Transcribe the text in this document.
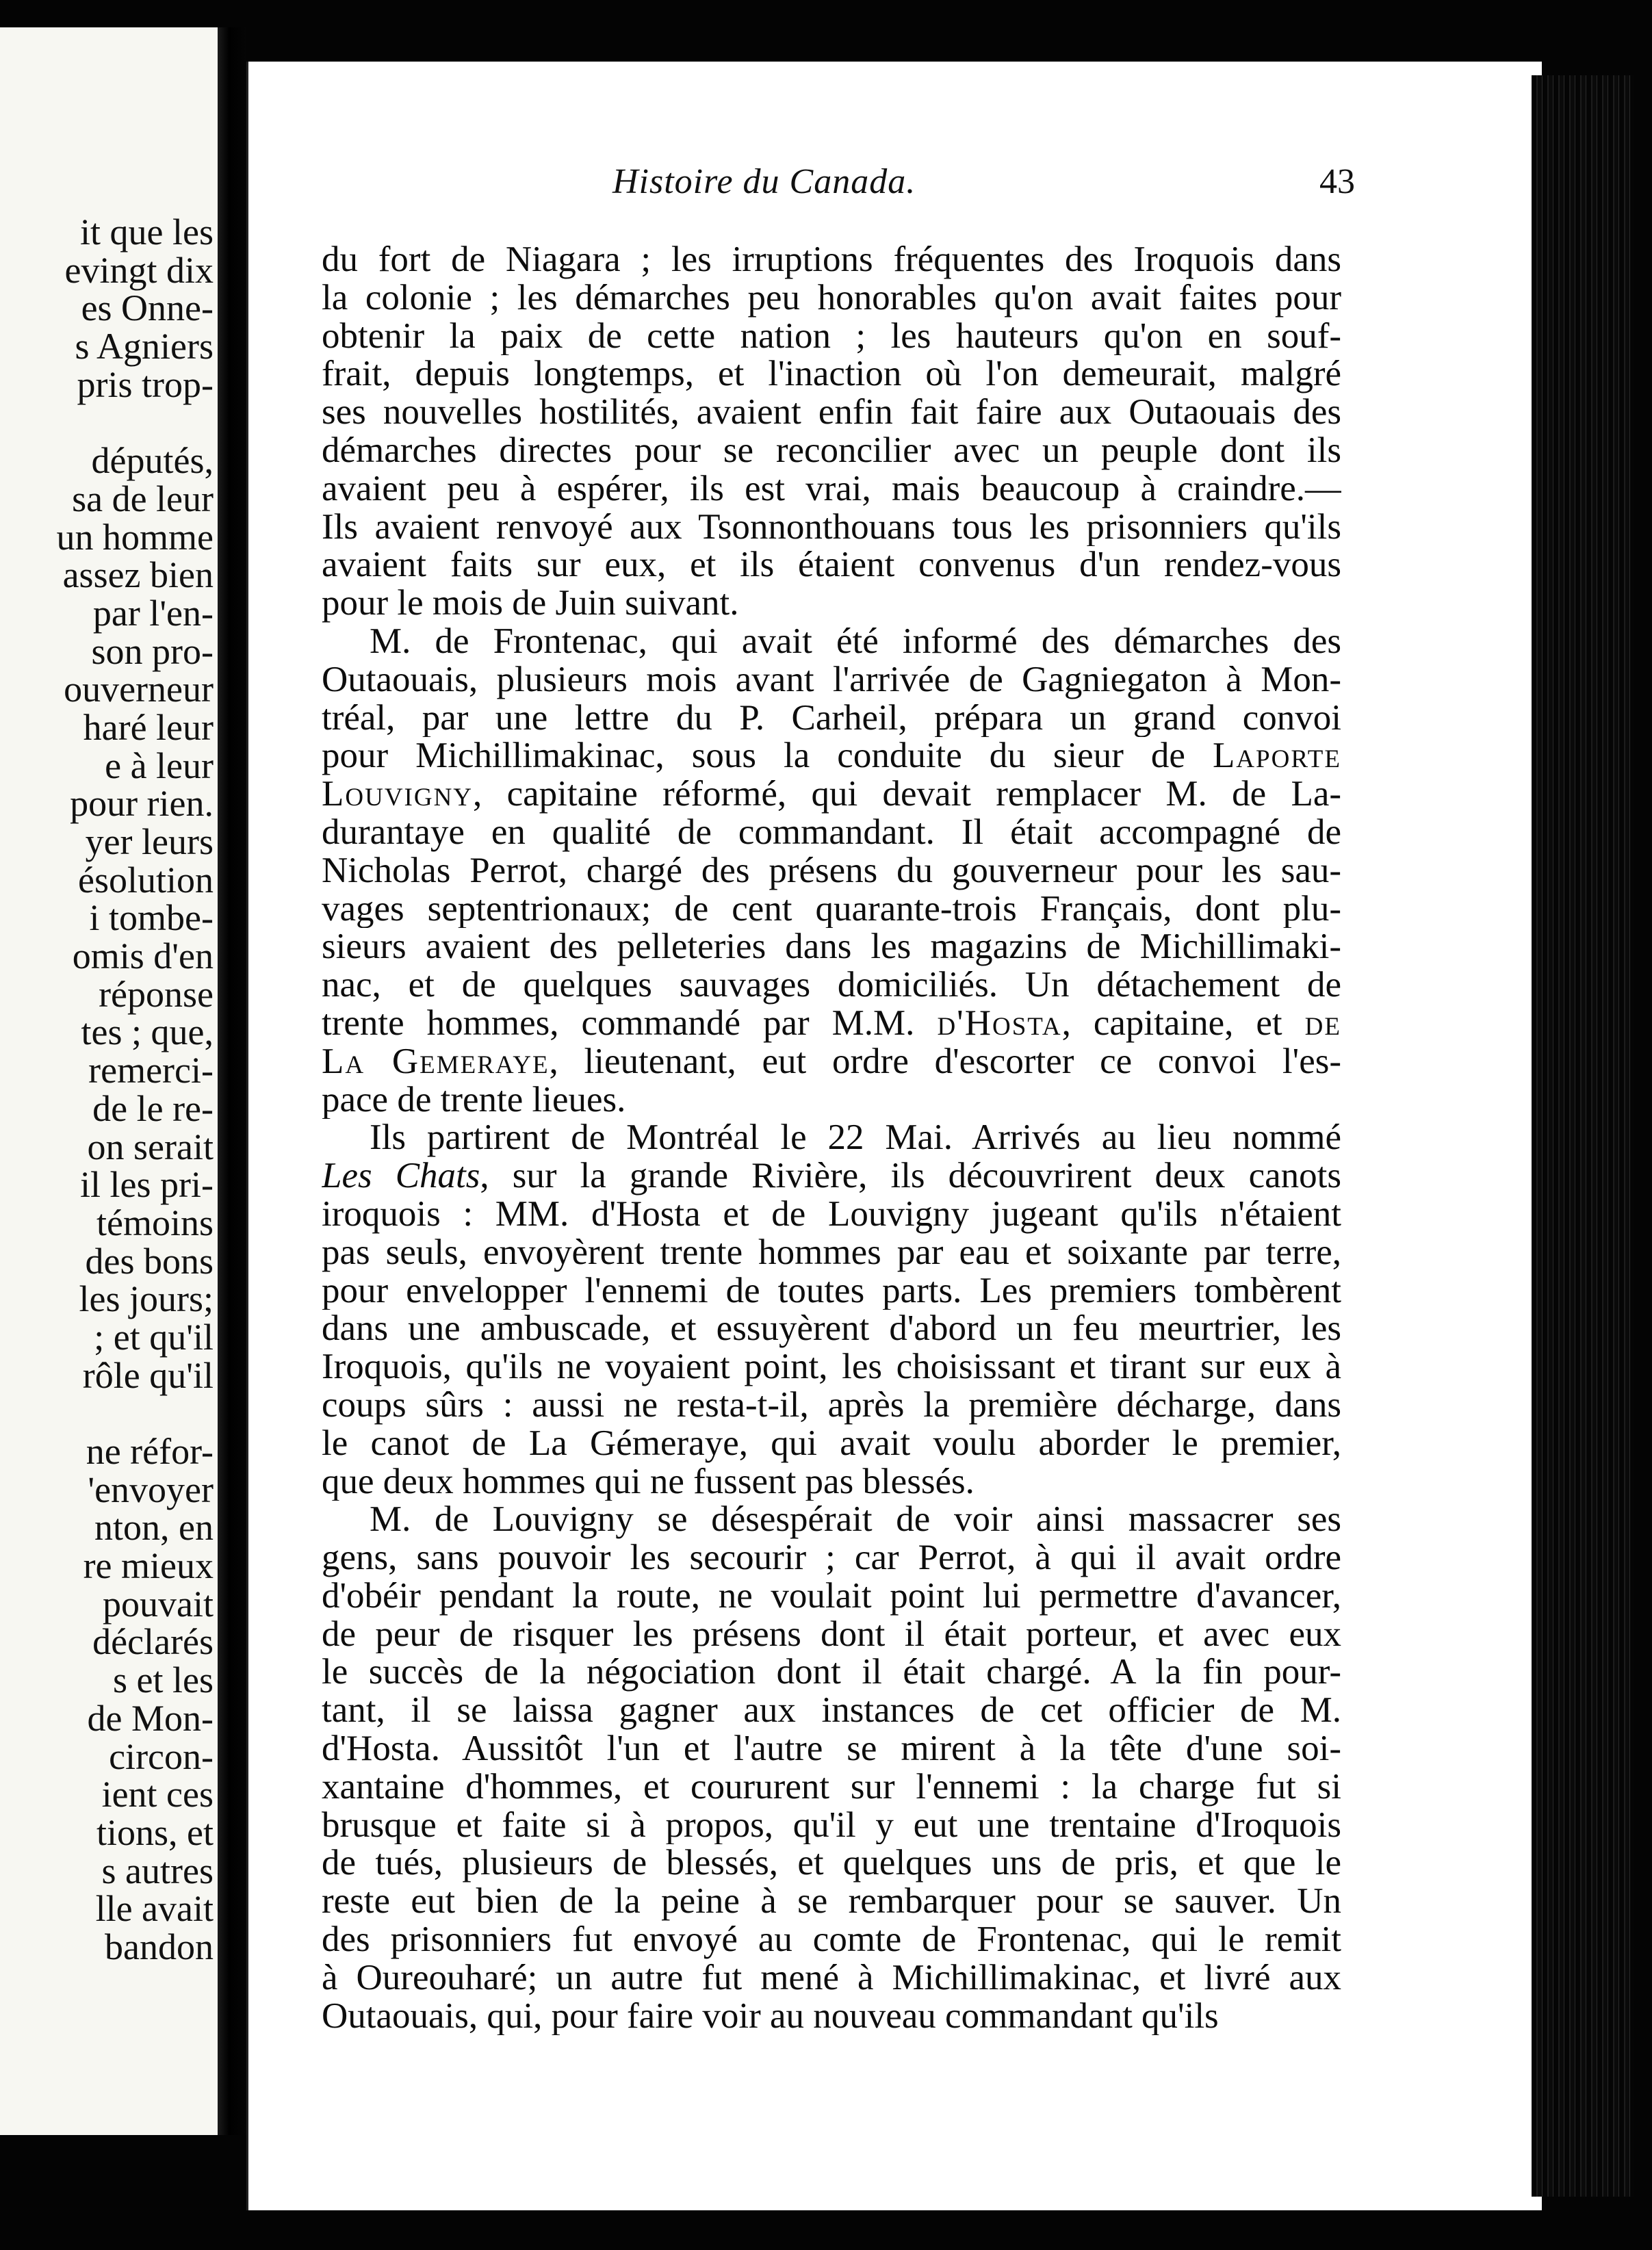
it que les
evingt dix
es Onne-
s Agniers
pris trop-
députés,
sa de leur
un homme
assez bien
par l'en-
son pro-
ouverneur
haré leur
e à leur
pour rien.
yer leurs
ésolution
i tombe-
omis d'en
réponse
tes ; que,
remerci-
de le re-
on serait
il les pri-
témoins
des bons
les jours;
; et qu'il
rôle qu'il
ne réfor-
'envoyer
nton, en
re mieux
pouvait
déclarés
s et les
de Mon-
circon-
ient ces
tions, et
s autres
lle avait
bandon
Histoire du Canada.	43
du fort de Niagara ; les irruptions fréquentes des Iroquois dans
la colonie ; les démarches peu honorables qu'on avait faites pour
obtenir la paix de cette nation ; les hauteurs qu'on en souf-
frait, depuis longtemps, et l'inaction où l'on demeurait, malgré
ses nouvelles hostilités, avaient enfin fait faire aux Outaouais des
démarches directes pour se reconcilier avec un peuple dont ils
avaient peu à espérer, ils est vrai, mais beaucoup à craindre.—
Ils avaient renvoyé aux Tsonnonthouans tous les prisonniers qu'ils
avaient faits sur eux, et ils étaient convenus d'un rendez-vous
pour le mois de Juin suivant.
M. de Frontenac, qui avait été informé des démarches des
Outaouais, plusieurs mois avant l'arrivée de Gagniegaton à Mon-
tréal, par une lettre du P. Carheil, prépara un grand convoi
pour Michillimakinac, sous la conduite du sieur de Laporte
Louvigny, capitaine réformé, qui devait remplacer M. de La-
durantaye en qualité de commandant. Il était accompagné de
Nicholas Perrot, chargé des présens du gouverneur pour les sau-
vages septentrionaux; de cent quarante-trois Français, dont plu-
sieurs avaient des pelleteries dans les magazins de Michillimaki-
nac, et de quelques sauvages domiciliés. Un détachement de
trente hommes, commandé par M.M. d'Hosta, capitaine, et de
La Gemeraye, lieutenant, eut ordre d'escorter ce convoi l'es-
pace de trente lieues.
Ils partirent de Montréal le 22 Mai. Arrivés au lieu nommé
Les Chats, sur la grande Rivière, ils découvrirent deux canots
iroquois : MM. d'Hosta et de Louvigny jugeant qu'ils n'étaient
pas seuls, envoyèrent trente hommes par eau et soixante par terre,
pour envelopper l'ennemi de toutes parts. Les premiers tombèrent
dans une ambuscade, et essuyèrent d'abord un feu meurtrier, les
Iroquois, qu'ils ne voyaient point, les choisissant et tirant sur eux à
coups sûrs : aussi ne resta-t-il, après la première décharge, dans
le canot de La Gémeraye, qui avait voulu aborder le premier,
que deux hommes qui ne fussent pas blessés.
M. de Louvigny se désespérait de voir ainsi massacrer ses
gens, sans pouvoir les secourir ; car Perrot, à qui il avait ordre
d'obéir pendant la route, ne voulait point lui permettre d'avancer,
de peur de risquer les présens dont il était porteur, et avec eux
le succès de la négociation dont il était chargé. A la fin pour-
tant, il se laissa gagner aux instances de cet officier de M.
d'Hosta. Aussitôt l'un et l'autre se mirent à la tête d'une soi-
xantaine d'hommes, et coururent sur l'ennemi : la charge fut si
brusque et faite si à propos, qu'il y eut une trentaine d'Iroquois
de tués, plusieurs de blessés, et quelques uns de pris, et que le
reste eut bien de la peine à se rembarquer pour se sauver. Un
des prisonniers fut envoyé au comte de Frontenac, qui le remit
à Oureouharé; un autre fut mené à Michillimakinac, et livré aux
Outaouais, qui, pour faire voir au nouveau commandant qu'ils
